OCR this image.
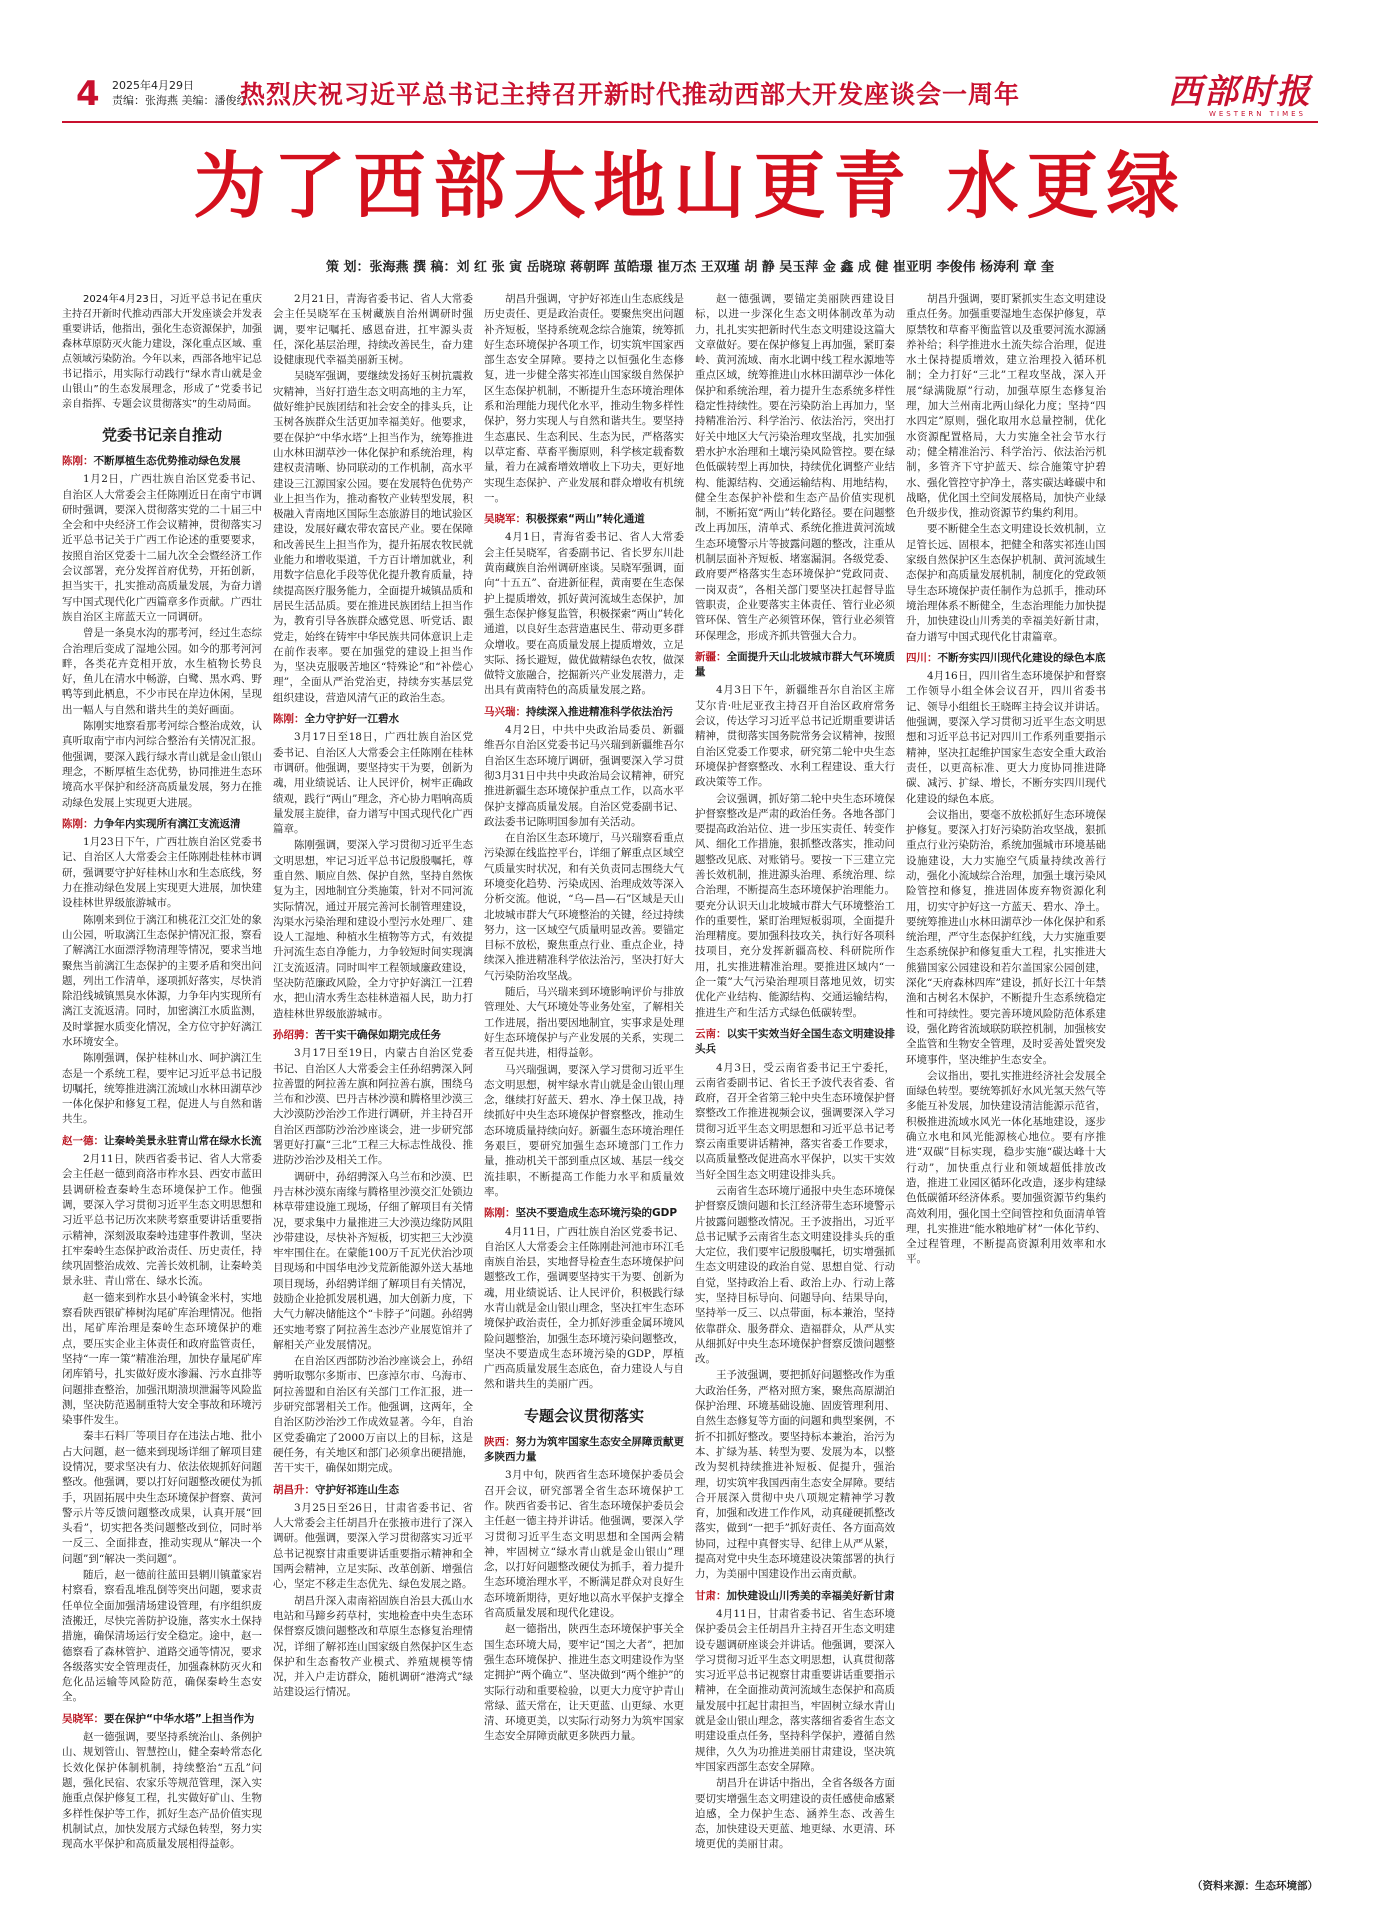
4 2025年4月29日
责编：张海燕 美编：潘俊红
热烈庆祝习近平总书记主持召开新时代推动西部大开发座谈会一周年	西部时报
WESTERN TIMES
为了西部大地山更青 水更绿
策 划：张海燕 撰 稿：刘 红 张 寅 岳晓琼 蒋朝晖 茧皓璟 崔万杰 王双瑾 胡 静 吴玉萍 金 鑫 成 健 崔亚明 李俊伟 杨涛利 章 奎

2024年4月23日，习近平总书记在重庆主持召开新时代推动西部大开发座谈会并发表重要讲话，他指出，强化生态资源保护，加强森林草原防灭火能力建设，深化重点区域、重点领域污染防治。今年以来，西部各地牢记总书记指示，用实际行动践行“绿水青山就是金山银山”的生态发展理念，形成了“党委书记亲自指挥、专题会议贯彻落实”的生动局面。

党委书记亲自推动
陈刚：不断厚植生态优势推动绿色发展

1月2日，广西壮族自治区党委书记、自治区人大常委会主任陈刚近日在南宁市调研时强调，要深入贯彻落实党的二十届三中全会和中央经济工作会议精神，贯彻落实习近平总书记关于广西工作论述的重要要求，按照自治区党委十二届九次全会暨经济工作会议部署，充分发挥首府优势，开拓创新，担当实干，扎实推动高质量发展，为奋力谱写中国式现代化广西篇章多作贡献。广西壮族自治区主席蓝天立一同调研。

曾是一条臭水沟的那考河，经过生态综合治理后变成了湿地公园。如今的那考河河畔，各类花卉竞相开放，水生植物长势良好，鱼儿在清水中畅游，白鹭、黑水鸡、野鸭等到此栖息，不少市民在岸边休闲，呈现出一幅人与自然和谐共生的美好画面。

陈刚实地察看那考河综合整治成效，认真听取南宁市内河综合整治有关情况汇报。他强调，要深入践行绿水青山就是金山银山理念，不断厚植生态优势，协同推进生态环境高水平保护和经济高质量发展，努力在推动绿色发展上实现更大进展。

陈刚：力争年内实现所有漓江支流返清

1月23日下午，广西壮族自治区党委书记、自治区人大常委会主任陈刚赴桂林市调研，强调要守护好桂林山水和生态底线，努力在推动绿色发展上实现更大进展，加快建设桂林世界级旅游城市。

陈刚来到位于漓江和桃花江交汇处的象山公园，听取漓江生态保护情况汇报，察看了解漓江水面漂浮物清理等情况，要求当地聚焦当前漓江生态保护的主要矛盾和突出问题，列出工作清单，逐项抓好落实，尽快消除沿线城镇黑臭水体源，力争年内实现所有漓江支流返清。同时，加密漓江水质监测，及时掌握水质变化情况，全方位守护好漓江水环境安全。

陈刚强调，保护桂林山水、呵护漓江生态是一个系统工程，要牢记习近平总书记殷切嘱托，统筹推进漓江流域山水林田湖草沙一体化保护和修复工程，促进人与自然和谐共生。

赵一德：让秦岭美景永驻青山常在绿水长流

2月11日，陕西省委书记、省人大常委会主任赵一德到商洛市柞水县、西安市蓝田县调研检查秦岭生态环境保护工作。他强调，要深入学习贯彻习近平生态文明思想和习近平总书记历次来陕考察重要讲话重要指示精神，深刻汲取秦岭违建事件教训，坚决扛牢秦岭生态保护政治责任、历史责任，持续巩固整治成效、完善长效机制，让秦岭美景永驻、青山常在、绿水长流。

赵一德来到柞水县小岭镇金米村，实地察看陕西银矿棒树沟尾矿库治理情况。他指出，尾矿库治理是秦岭生态环境保护的难点，要压实企业主体责任和政府监管责任，坚持“一库一策”精准治理，加快存量尾矿库闭库销号，扎实做好废水渗漏、污水直排等问题排查整治，加强汛期溃坝泄漏等风险监测，坚决防范遏制重特大安全事故和环境污染事件发生。

秦丰石料厂等项目存在违法占地、批小占大问题，赵一德来到现场详细了解项目建设情况，要求坚决有力、依法依规抓好问题整改。他强调，要以打好问题整改硬仗为抓手，巩固拓展中央生态环境保护督察、黄河警示片等反馈问题整改成果，认真开展“回头看”，切实把各类问题整改到位，同时举一反三、全面排查，推动实现从“解决一个问题”到“解决一类问题”。

随后，赵一德前往蓝田县辋川镇董家岩村察看，察看乱堆乱倒等突出问题，要求责任单位全面加强清场建设管理，有序组织废渣搬迁，尽快完善防护设施，落实水土保持措施，确保清场运行安全稳定。途中，赵一德察看了森林管护、道路交通等情况，要求各级落实安全管理责任，加强森林防灭火和危化品运输等风险防范，确保秦岭生态安全。

吴晓军：要在保护“中华水塔”上担当作为

赵一德强调，要坚持系统治山、条例护山、规划管山、智慧控山，健全秦岭常态化长效化保护体制机制，持续整治“五乱”问题，强化民宿、农家乐等规范管理，深入实施重点保护修复工程，扎实做好矿山、生物多样性保护等工作，抓好生态产品价值实现机制试点，加快发展方式绿色转型，努力实现高水平保护和高质量发展相得益彰。

2月21日，青海省委书记、省人大常委会主任吴晓军在玉树藏族自治州调研时强调，要牢记嘱托、感恩奋进，扛牢源头责任，深化基层治理，持续改善民生，奋力建设健康现代幸福美丽新玉树。

吴晓军强调，要继续发扬好玉树抗震救灾精神，当好打造生态文明高地的主力军，做好维护民族团结和社会安全的排头兵，让玉树各族群众生活更加幸福美好。他要求，要在保护“中华水塔”上担当作为，统筹推进山水林田湖草沙一体化保护和系统治理，构建权责清晰、协同联动的工作机制，高水平建设三江源国家公园。要在发展特色优势产业上担当作为，推动畜牧产业转型发展，积极融入青南地区国际生态旅游目的地试验区建设，发展好藏农带农富民产业。要在保障和改善民生上担当作为，提升拓展农牧民就业能力和增收渠道，千方百计增加就业，利用数字信息化手段等优化提升教育质量，持续提高医疗服务能力，全面提升城镇品质和居民生活品质。要在推进民族团结上担当作为，教育引导各族群众感党恩、听党话、跟党走，始终在铸牢中华民族共同体意识上走在前作表率。要在加强党的建设上担当作为，坚决克服吸苦地区“特殊论”和“补偿心理”，全面从严治党治吏，持续夯实基层党组织建设，营造风清气正的政治生态。

陈刚：全力守护好一江碧水

3月17日至18日，广西壮族自治区党委书记、自治区人大常委会主任陈刚在桂林市调研。他强调，要坚持实干为要，创新为魂，用业绩说话、让人民评价，树牢正确政绩观，践行“两山”理念，齐心协力唱响高质量发展主旋律，奋力谱写中国式现代化广西篇章。

陈刚强调，要深入学习贯彻习近平生态文明思想，牢记习近平总书记殷殷嘱托，尊重自然、顺应自然、保护自然，坚持自然恢复为主，因地制宜分类施策，针对不同河流实际情况，通过开展完善河长制管理建设，沟渠水污染治理和建设小型污水处理厂、建设人工湿地、种植水生植物等方式，有效提升河流生态自净能力，力争较短时间实现漓江支流返清。同时叫牢工程领域廉政建设，坚决防范廉政风险，全力守护好漓江一江碧水，把山清水秀生态桂林造福人民，助力打造桂林世界级旅游城市。

孙绍骋：苦干实干确保如期完成任务

3月17日至19日，内蒙古自治区党委书记、自治区人大常委会主任孙绍骋深入阿拉善盟的阿拉善左旗和阿拉善右旗，围绕乌兰布和沙漠、巴丹吉林沙漠和腾格里沙漠三大沙漠防沙治沙工作进行调研，并主持召开自治区西部防沙治沙座谈会，进一步研究部署更好打赢“三北”工程三大标志性战役、推进防沙治沙及相关工作。

调研中，孙绍骋深入乌兰布和沙漠、巴丹吉林沙漠东南缘与腾格里沙漠交汇处锁边林草带建设施工现场，仔细了解项目有关情况，要求集中力量推进三大沙漠边缘防风阻沙带建设，尽快补齐短板，切实把三大沙漠牢牢围住在。在蒙能100万千瓦光伏治沙项目现场和中国华电沙戈荒新能源外送大基地项目现场，孙绍骋详细了解项目有关情况，鼓励企业抢抓发展机遇，加大创新力度，下大气力解决储能这个“卡脖子”问题。孙绍骋还实地考察了阿拉善生态沙产业展览馆并了解相关产业发展情况。

在自治区西部防沙治沙座谈会上，孙绍骋听取鄂尔多斯市、巴彦淖尔市、乌海市、阿拉善盟和自治区有关部门工作汇报，进一步研究部署相关工作。他强调，这两年，全自治区防沙治沙工作成效显著。今年，自治区党委确定了2000万亩以上的目标，这是硬任务，有关地区和部门必须拿出硬措施，苦干实干，确保如期完成。

胡昌升：守护好祁连山生态

3月25日至26日，甘肃省委书记、省人大常委会主任胡昌升在张掖市进行了深入调研。他强调，要深入学习贯彻落实习近平总书记视察甘肃重要讲话重要指示精神和全国两会精神，立足实际、改革创新、增强信心，坚定不移走生态优先、绿色发展之路。

胡昌升深入肃南裕固族自治县大孤山水电站和马蹄乡药草村，实地检查中央生态环保督察反馈问题整改和草原生态修复治理情况，详细了解祁连山国家级自然保护区生态保护和生态畜牧产业模式、养殖规模等情况，并入户走访群众，随机调研“港湾式”绿站建设运行情况。

胡昌升强调，守护好祁连山生态底线是历史责任、更是政治责任。要聚焦突出问题补齐短板，坚持系统观念综合施策，统筹抓好生态环境保护各项工作，切实筑牢国家西部生态安全屏障。要持之以恒强化生态修复，进一步健全落实祁连山国家级自然保护区生态保护机制，不断提升生态环境治理体系和治理能力现代化水平，推动生物多样性保护，努力实现人与自然和谐共生。要坚持生态惠民、生态利民、生态为民，严格落实以草定畜、草畜平衡原则，科学核定载畜数量，着力在减畜增效增收上下功夫，更好地实现生态保护、产业发展和群众增收有机统一。

吴晓军：积极探索“两山”转化通道

4月1日，青海省委书记、省人大常委会主任吴晓军，省委副书记、省长罗东川赴黄南藏族自治州调研座谈。吴晓军强调，面向“十五五”、奋进新征程，黄南要在生态保护上提质增效，抓好黄河流域生态保护，加强生态保护修复监管，积极探索“两山”转化通道，以良好生态营造惠民生、带动更多群众增收。要在高质量发展上提质增效，立足实际、扬长避短，做优做精绿色农牧，做深做特文旅融合，挖掘新兴产业发展潜力，走出具有黄南特色的高质量发展之路。

马兴瑞：持续深入推进精准科学依法治污

4月2日，中共中央政治局委员、新疆维吾尔自治区党委书记马兴瑞到新疆维吾尔自治区生态环境厅调研，强调要深入学习贯彻3月31日中共中央政治局会议精神，研究推进新疆生态环境保护重点工作，以高水平保护支撑高质量发展。自治区党委副书记、政法委书记陈明国参加有关活动。

在自治区生态环境厅，马兴瑞察看重点污染源在线监控平台，详细了解重点区域空气质量实时状况，和有关负责同志围绕大气环境变化趋势、污染成因、治理成效等深入分析交流。他说，“乌—昌—石”区域是天山北坡城市群大气环境整治的关键，经过持续努力，这一区域空气质量明显改善。要锚定目标不放松，聚焦重点行业、重点企业，持续深入推进精准科学依法治污，坚决打好大气污染防治攻坚战。

随后，马兴瑞来到环境影响评价与排放管理处、大气环境处等业务处室，了解相关工作进展，指出要因地制宜，实事求是处理好生态环境保护与产业发展的关系，实现二者互促共进，相得益彰。

马兴瑞强调，要深入学习贯彻习近平生态文明思想，树牢绿水青山就是金山银山理念，继续打好蓝天、碧水、净土保卫战，持续抓好中央生态环境保护督察整改，推动生态环境质量持续向好。新疆生态环境治理任务艰巨，要研究加强生态环境部门工作力量，推动机关干部到重点区域、基层一线交流挂职，不断提高工作能力水平和质量效率。

陈刚：坚决不要造成生态环境污染的GDP

4月11日，广西壮族自治区党委书记、自治区人大常委会主任陈刚赴河池市环江毛南族自治县，实地督导检查生态环境保护问题整改工作，强调要坚持实干为要、创新为魂，用业绩说话、让人民评价，积极践行绿水青山就是金山银山理念，坚决扛牢生态环境保护政治责任，全力抓好涉重金属环境风险问题整治，加强生态环境污染问题整改，坚决不要造成生态环境污染的GDP，厚植广西高质量发展生态底色，奋力建设人与自然和谐共生的美丽广西。

专题会议贯彻落实
陕西：努力为筑牢国家生态安全屏障贡献更多陕西力量

3月中旬，陕西省生态环境保护委员会召开会议，研究部署全省生态环境保护工作。陕西省委书记、省生态环境保护委员会主任赵一德主持并讲话。他强调，要深入学习贯彻习近平生态文明思想和全国两会精神，牢固树立“绿水青山就是金山银山”理念，以打好问题整改硬仗为抓手，着力提升生态环境治理水平，不断满足群众对良好生态环境新期待，更好地以高水平保护支撑全省高质量发展和现代化建设。

赵一德指出，陕西生态环境保护事关全国生态环境大局，要牢记“国之大者”，把加强生态环境保护、推进生态文明建设作为坚定拥护“两个确立”、坚决做到“两个维护”的实际行动和重要检验，以更大力度守护青山常绿、蓝天常在，让天更蓝、山更绿、水更清、环境更美，以实际行动努力为筑牢国家生态安全屏障贡献更多陕西力量。

赵一德强调，要锚定美丽陕西建设目标，以进一步深化生态文明体制改革为动力，扎扎实实把新时代生态文明建设这篇大文章做好。要在保护修复上再加强，紧盯秦岭、黄河流域、南水北调中线工程水源地等重点区域，统筹推进山水林田湖草沙一体化保护和系统治理，着力提升生态系统多样性稳定性持续性。要在污染防治上再加力，坚持精准治污、科学治污、依法治污，突出打好关中地区大气污染治理攻坚战，扎实加强碧水护水治理和土壤污染风险管控。要在绿色低碳转型上再加快，持续优化调整产业结构、能源结构、交通运输结构、用地结构，健全生态保护补偿和生态产品价值实现机制，不断拓宽“两山”转化路径。要在问题整改上再加压，清单式、系统化推进黄河流域生态环境警示片等披露问题的整改，注重从机制层面补齐短板、堵塞漏洞。各级党委、政府要严格落实生态环境保护“党政同责、一岗双责”，各相关部门要坚决扛起督导监管职责，企业要落实主体责任、管行业必须管环保、管生产必须管环保，管行业必须管环保理念，形成齐抓共管强大合力。

新疆：全面提升天山北坡城市群大气环境质量

4月3日下午，新疆维吾尔自治区主席艾尔肯·吐尼亚孜主持召开自治区政府常务会议，传达学习习近平总书记近期重要讲话精神，贯彻落实国务院常务会议精神，按照自治区党委工作要求，研究第二轮中央生态环境保护督察整改、水利工程建设、重大行政决策等工作。

会议强调，抓好第二轮中央生态环境保护督察整改是严肃的政治任务。各地各部门要提高政治站位、进一步压实责任、转变作风、细化工作措施，狠抓整改落实，推动问题整改见底、对账销号。要按一下三建立完善长效机制，推进源头治理、系统治理、综合治理，不断提高生态环境保护治理能力。要充分认识天山北坡城市群大气环境整治工作的重要性，紧盯治理短板弱项，全面提升治理精度。要加强科技攻关，执行好各项科技项目，充分发挥新疆高校、科研院所作用，扎实推进精准治理。要推进区域内“一企一策”大气污染治理项目落地见效，切实优化产业结构、能源结构、交通运输结构，推进生产和生活方式绿色低碳转型。

云南：以实干实效当好全国生态文明建设排头兵

4月3日，受云南省委书记王宁委托，云南省委副书记、省长王予波代表省委、省政府，召开全省第三轮中央生态环境保护督察整改工作推进视频会议，强调要深入学习贯彻习近平生态文明思想和习近平总书记考察云南重要讲话精神，落实省委工作要求，以高质量整改促进高水平保护，以实干实效当好全国生态文明建设排头兵。

云南省生态环境厅通报中央生态环境保护督察反馈问题和长江经济带生态环境警示片披露问题整改情况。王予波指出，习近平总书记赋予云南省生态文明建设排头兵的重大定位，我们要牢记殷殷嘱托，切实增强抓生态文明建设的政治自觉、思想自觉、行动自觉，坚持政治上看、政治上办、行动上落实，坚持目标导向、问题导向、结果导向，坚持举一反三、以点带面，标本兼治，坚持依靠群众、服务群众、造福群众，从严从实从细抓好中央生态环境保护督察反馈问题整改。

王予波强调，要把抓好问题整改作为重大政治任务，严格对照方案，聚焦高原湖泊保护治理、环境基础设施、固废管理利用、自然生态修复等方面的问题和典型案例，不折不扣抓好整改。要坚持标本兼治，治污为本、扩绿为基、转型为要、发展为本，以整改为契机持续推进补短板、促提升，强治理，切实筑牢我国西南生态安全屏障。要结合开展深入贯彻中央八项规定精神学习教育，加强和改进工作作风，动真碰硬抓整改落实，做到“一把手”抓好责任、各方面高效协同，过程中真督实导、纪律上从严从紧，提高对党中央生态环境建设决策部署的执行力，为美丽中国建设作出云南贡献。

甘肃：加快建设山川秀美的幸福美好新甘肃

4月11日，甘肃省委书记、省生态环境保护委员会主任胡昌升主持召开生态文明建设专题调研座谈会并讲话。他强调，要深入学习贯彻习近平生态文明思想，认真贯彻落实习近平总书记视察甘肃重要讲话重要指示精神，在全面推动黄河流域生态保护和高质量发展中扛起甘肃担当，牢固树立绿水青山就是金山银山理念，落实落细省委省生态文明建设重点任务，坚持科学保护，遵循自然规律，久久为功推进美丽甘肃建设，坚决筑牢国家西部生态安全屏障。

胡昌升在讲话中指出，全省各级各方面要切实增强生态文明建设的责任感使命感紧迫感，全力保护生态、涵养生态、改善生态，加快建设天更蓝、地更绿、水更清、环境更优的美丽甘肃。

胡昌升强调，要盯紧抓实生态文明建设重点任务。加强重要湿地生态保护修复，草原禁牧和草畜平衡监管以及重要河流水源涵养补给；科学推进水土流失综合治理，促进水土保持提质增效，建立治理投入循环机制；全力打好“三北”工程攻坚战，深入开展“绿满陇原”行动，加强草原生态修复治理，加大兰州南北两山绿化力度；坚持“四水四定”原则，强化取用水总量控制，优化水资源配置格局，大力实施全社会节水行动；健全精准治污、科学治污、依法治污机制，多管齐下守护蓝天、综合施策守护碧水、强化管控守护净土，落实碳达峰碳中和战略，优化国土空间发展格局，加快产业绿色升级步伐，推动资源节约集约利用。

要不断健全生态文明建设长效机制，立足管长远、固根本，把健全和落实祁连山国家级自然保护区生态保护机制、黄河流域生态保护和高质量发展机制，制度化的党政领导生态环境保护责任制作为总抓手，推动环境治理体系不断健全，生态治理能力加快提升，加快建设山川秀美的幸福美好新甘肃，奋力谱写中国式现代化甘肃篇章。

四川：不断夯实四川现代化建设的绿色本底

4月16日，四川省生态环境保护和督察工作领导小组全体会议召开，四川省委书记、领导小组组长王晓晖主持会议并讲话。他强调，要深入学习贯彻习近平生态文明思想和习近平总书记对四川工作系列重要指示精神，坚决扛起维护国家生态安全重大政治责任，以更高标准、更大力度协同推进降碳、减污、扩绿、增长，不断夯实四川现代化建设的绿色本底。

会议指出，要毫不放松抓好生态环境保护修复。要深入打好污染防治攻坚战，狠抓重点行业污染防治，系统加强城市环境基础设施建设，大力实施空气质量持续改善行动，强化小流域综合治理，加强土壤污染风险管控和修复，推进固体废弃物资源化利用，切实守护好这一方蓝天、碧水、净土。要统筹推进山水林田湖草沙一体化保护和系统治理，严守生态保护红线，大力实施重要生态系统保护和修复重大工程，扎实推进大熊猫国家公园建设和若尔盖国家公园创建，深化“天府森林四库”建设，抓好长江十年禁渔和古树名木保护，不断提升生态系统稳定性和可持续性。要完善环境风险防范体系建设，强化跨省流域联防联控机制，加强核安全监管和生物安全管理，及时妥善处置突发环境事件，坚决维护生态安全。

会议指出，要扎实推进经济社会发展全面绿色转型。要统筹抓好水风光氢天然气等多能互补发展，加快建设清洁能源示范省，积极推进流域水风光一体化基地建设，逐步确立水电和风光能源核心地位。要有序推进“双碳”目标实现，稳步实施“碳达峰十大行动”，加快重点行业和领域超低排放改造，推进工业园区循环化改造，逐步构建绿色低碳循环经济体系。要加强资源节约集约高效利用，强化国土空间管控和负面清单管理，扎实推进“能水粮地矿材”一体化节约、全过程管理，不断提高资源利用效率和水平。

（资料来源：生态环境部）
